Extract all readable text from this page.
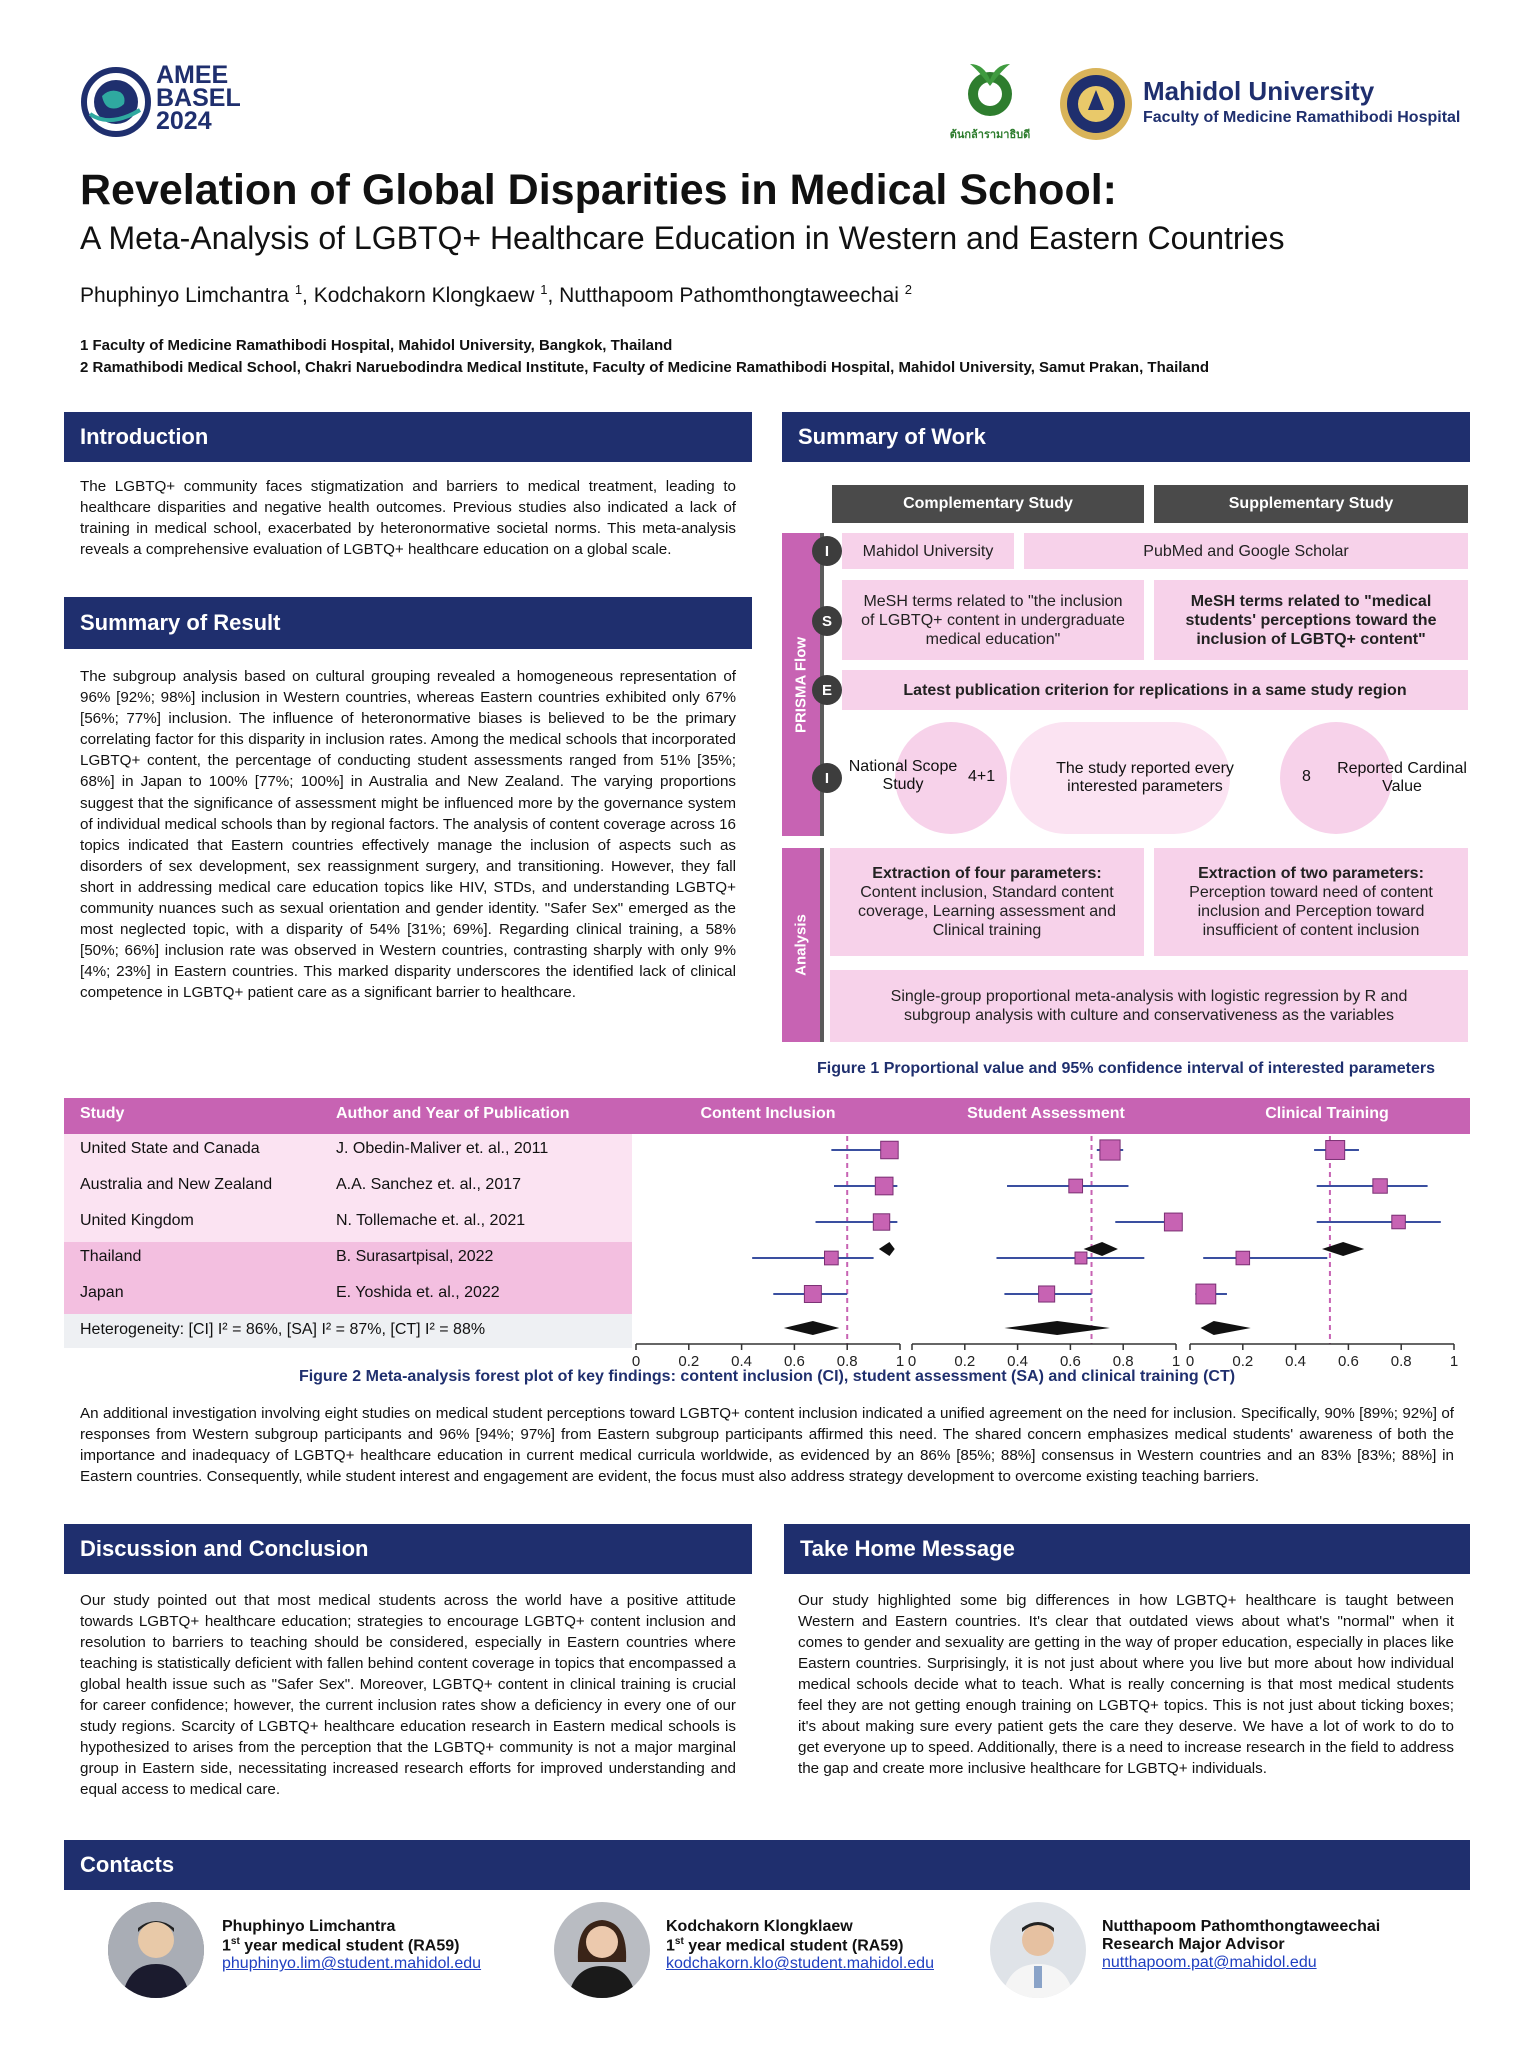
AMEE
BASEL
2024	ต้นกล้ารามาธิบดี
Mahidol University
Faculty of Medicine Ramathibodi Hospital
Revelation of Global Disparities in Medical School:
A Meta-Analysis of LGBTQ+ Healthcare Education in Western and Eastern Countries
Phuphinyo Limchantra $^1$, Kodchakorn Klongkaew $^1$, Nutthapoom Pathomthongtaweechai $^2$
1 Faculty of Medicine Ramathibodi Hospital, Mahidol University, Bangkok, Thailand
2 Ramathibodi Medical School, Chakri Naruebodindra Medical Institute, Faculty of Medicine Ramathibodi Hospital, Mahidol University, Samut Prakan, Thailand
Introduction
The LGBTQ+ community faces stigmatization and barriers to medical treatment, leading to healthcare disparities and negative health outcomes. Previous studies also indicated a lack of training in medical school, exacerbated by heteronormative societal norms. This meta-analysis reveals a comprehensive evaluation of LGBTQ+ healthcare education on a global scale.
Summary of Result
The subgroup analysis based on cultural grouping revealed a homogeneous representation of 96% [92%; 98%] inclusion in Western countries, whereas Eastern countries exhibited only 67% [56%; 77%] inclusion. The influence of heteronormative biases is believed to be the primary correlating factor for this disparity in inclusion rates. Among the medical schools that incorporated LGBTQ+ content, the percentage of conducting student assessments ranged from 51% [35%; 68%] in Japan to 100% [77%; 100%] in Australia and New Zealand. The varying proportions suggest that the significance of assessment might be influenced more by the governance system of individual medical schools than by regional factors. The analysis of content coverage across 16 topics indicated that Eastern countries effectively manage the inclusion of aspects such as disorders of sex development, sex reassignment surgery, and transitioning. However, they fall short in addressing medical care education topics like HIV, STDs, and understanding LGBTQ+ community nuances such as sexual orientation and gender identity. "Safer Sex" emerged as the most neglected topic, with a disparity of 54% [31%; 69%]. Regarding clinical training, a 58% [50%; 66%] inclusion rate was observed in Western countries, contrasting sharply with only 9% [4%; 23%] in Eastern countries. This marked disparity underscores the identified lack of clinical competence in LGBTQ+ patient care as a significant barrier to healthcare.
Summary of Work
Complementary Study	Supplementary Study
PRISMA Flow
Mahidol University	PubMed and Google Scholar
I
MeSH terms related to "the inclusion of LGBTQ+ content in undergraduate medical education"
MeSH terms related to "medical students' perceptions toward the inclusion of LGBTQ+ content"
S
Latest publication criterion for replications in a same study region
E
I
National Scope Study	4+1	The study reported every interested parameters
8 Reported Cardinal Value
Analysis
Extraction of four parameters:
Content inclusion, Standard content coverage, Learning assessment and Clinical training
Extraction of two parameters:
Perception toward need of content inclusion and Perception toward insufficient of content inclusion
Single-group proportional meta-analysis with logistic regression by R and subgroup analysis with culture and conservativeness as the variables
Figure 1 Proportional value and 95% confidence interval of interested parameters
Study	Author and Year of Publication	Content Inclusion	Student Assessment	Clinical Training
United State and Canada	J. Obedin-Maliver et. al., 2011
Australia and New Zealand	A.A. Sanchez et. al., 2017
United Kingdom	N. Tollemache et. al., 2021
Thailand	B. Surasartpisal, 2022
Japan	E. Yoshida et. al., 2022
Heterogeneity: [CI] I² = 86%, [SA] I² = 87%, [CT] I² = 88%
0	0.2 0.4 0.6 0.8	1 0	0.2 0.4 0.6 0.8	1 0	0.2 0.4 0.6 0.8	1
Figure 2 Meta-analysis forest plot of key findings: content inclusion (CI), student assessment (SA) and clinical training (CT)
An additional investigation involving eight studies on medical student perceptions toward LGBTQ+ content inclusion indicated a unified agreement on the need for inclusion. Specifically, 90% [89%; 92%] of responses from Western subgroup participants and 96% [94%; 97%] from Eastern subgroup participants affirmed this need. The shared concern emphasizes medical students' awareness of both the importance and inadequacy of LGBTQ+ healthcare education in current medical curricula worldwide, as evidenced by an 86% [85%; 88%] consensus in Western countries and an 83% [83%; 88%] in Eastern countries. Consequently, while student interest and engagement are evident, the focus must also address strategy development to overcome existing teaching barriers.
Discussion and Conclusion
Our study pointed out that most medical students across the world have a positive attitude towards LGBTQ+ healthcare education; strategies to encourage LGBTQ+ content inclusion and resolution to barriers to teaching should be considered, especially in Eastern countries where teaching is statistically deficient with fallen behind content coverage in topics that encompassed a global health issue such as "Safer Sex". Moreover, LGBTQ+ content in clinical training is crucial for career confidence; however, the current inclusion rates show a deficiency in every one of our study regions. Scarcity of LGBTQ+ healthcare education research in Eastern medical schools is hypothesized to arises from the perception that the LGBTQ+ community is not a major marginal group in Eastern side, necessitating increased research efforts for improved understanding and equal access to medical care.
Take Home Message
Our study highlighted some big differences in how LGBTQ+ healthcare is taught between Western and Eastern countries. It's clear that outdated views about what's "normal" when it comes to gender and sexuality are getting in the way of proper education, especially in places like Eastern countries. Surprisingly, it is not just about where you live but more about how individual medical schools decide what to teach. What is really concerning is that most medical students feel they are not getting enough training on LGBTQ+ topics. This is not just about ticking boxes; it's about making sure every patient gets the care they deserve. We have a lot of work to do to get everyone up to speed. Additionally, there is a need to increase research in the field to address the gap and create more inclusive healthcare for LGBTQ+ individuals.
Contacts
Phuphinyo Limchantra
1st year medical student (RA59)
phuphinyo.lim@student.mahidol.edu
Kodchakorn Klongklaew
1st year medical student (RA59)
kodchakorn.klo@student.mahidol.edu
Nutthapoom Pathomthongtaweechai
Research Major Advisor
nutthapoom.pat@mahidol.edu
